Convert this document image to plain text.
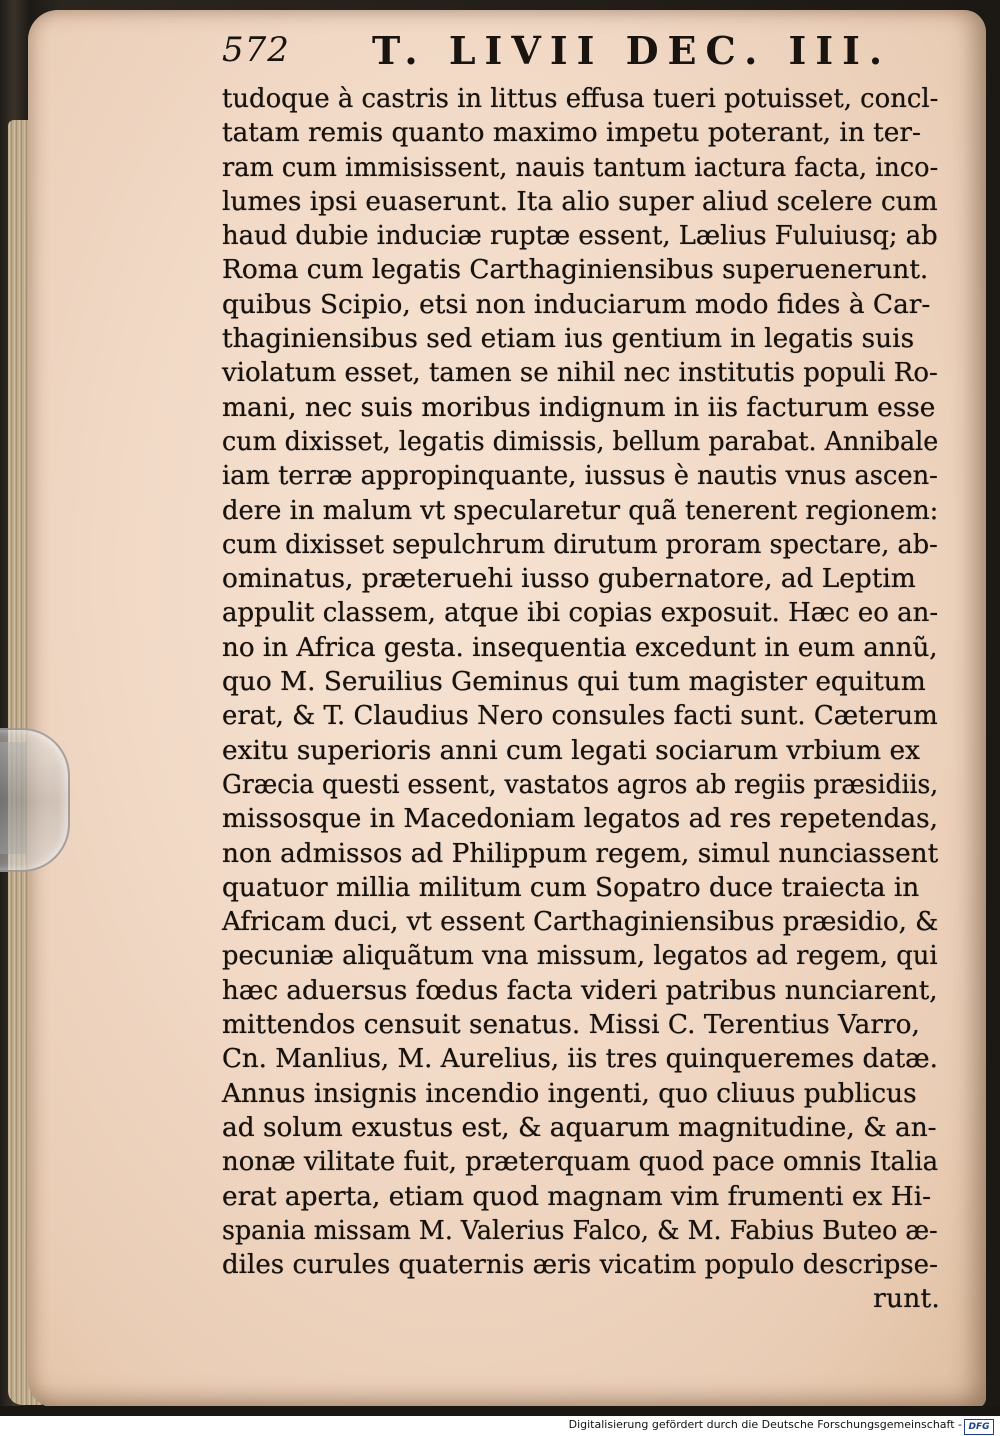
572 T. LIVII DEC. III.
tudoque à castris in littus effusa tueri potuisset, concl-
tatam remis quanto maximo impetu poterant, in ter-
ram cum immisissent, nauis tantum iactura facta, inco-
lumes ipsi euaserunt. Ita alio super aliud scelere cum
haud dubie induciæ ruptæ essent, Lælius Fuluiusq; ab
Roma cum legatis Carthaginiensibus superuenerunt.
quibus Scipio, etsi non induciarum modo fides à Car-
thaginiensibus sed etiam ius gentium in legatis suis
violatum esset, tamen se nihil nec institutis populi Ro-
mani, nec suis moribus indignum in iis facturum esse
cum dixisset, legatis dimissis, bellum parabat. Annibale
iam terræ appropinquante, iussus è nautis vnus ascen-
dere in malum vt specularetur quã tenerent regionem:
cum dixisset sepulchrum dirutum proram spectare, ab-
ominatus, præteruehi iusso gubernatore, ad Leptim
appulit classem, atque ibi copias exposuit. Hæc eo an-
no in Africa gesta. insequentia excedunt in eum annũ,
quo M. Seruilius Geminus qui tum magister equitum
erat, & T. Claudius Nero consules facti sunt. Cæterum
exitu superioris anni cum legati sociarum vrbium ex
Græcia questi essent, vastatos agros ab regiis præsidiis,
missosque in Macedoniam legatos ad res repetendas,
non admissos ad Philippum regem, simul nunciassent
quatuor millia militum cum Sopatro duce traiecta in
Africam duci, vt essent Carthaginiensibus præsidio, &
pecuniæ aliquãtum vna missum, legatos ad regem, qui
hæc aduersus fœdus facta videri patribus nunciarent,
mittendos censuit senatus. Missi C. Terentius Varro,
Cn. Manlius, M. Aurelius, iis tres quinqueremes datæ.
Annus insignis incendio ingenti, quo cliuus publicus
ad solum exustus est, & aquarum magnitudine, & an-
nonæ vilitate fuit, præterquam quod pace omnis Italia
erat aperta, etiam quod magnam vim frumenti ex Hi-
spania missam M. Valerius Falco, & M. Fabius Buteo æ-
diles curules quaternis æris vicatim populo descripse-
runt.
Digitalisierung gefördert durch die Deutsche Forschungsgemeinschaft - DFG
